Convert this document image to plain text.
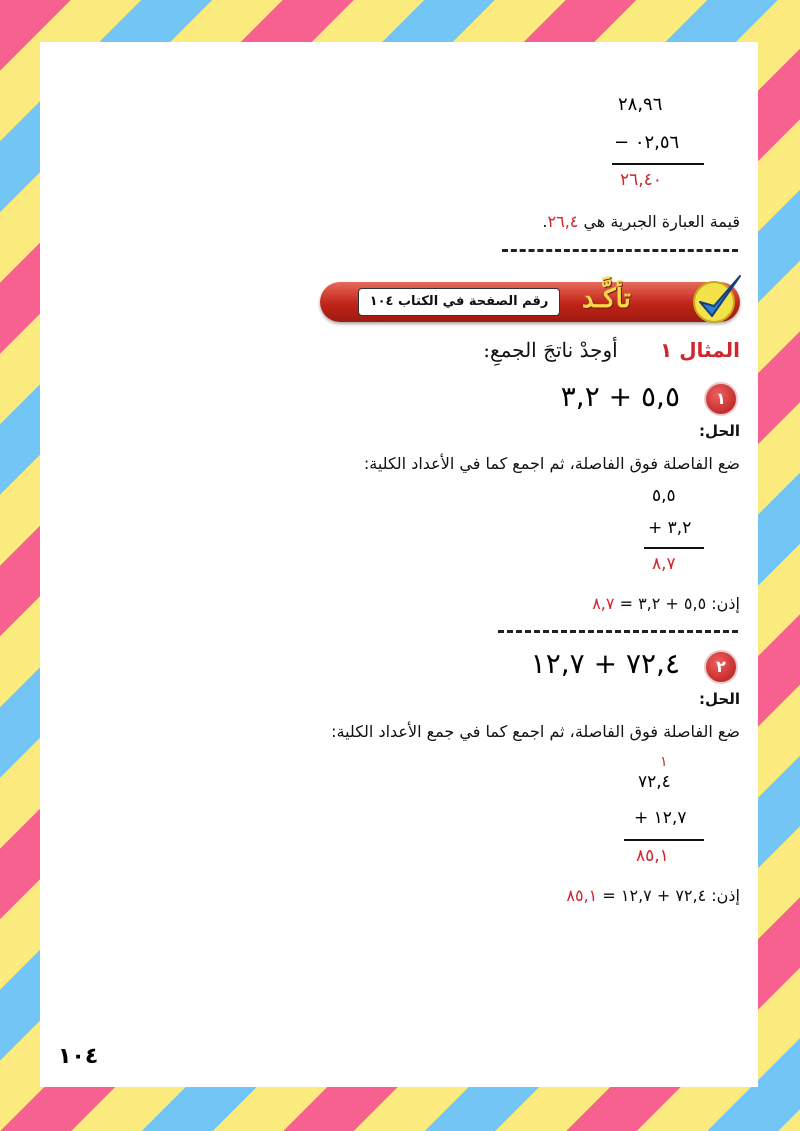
٢٨,٩٦
٠٢,٥٦ −
٢٦,٤٠
قيمة العبارة الجبرية هي ٢٦,٤.
رقم الصفحة في الكتاب ١٠٤	تأكَّـد
المثال ١ أوجدْ ناتجَ الجمعِ:
١
٥,٥ + ٣,٢
الحل:
ضع الفاصلة فوق الفاصلة، ثم اجمع كما في الأعداد الكلية:
٥,٥
٣,٢ +
٨,٧
إذن: ٥,٥ + ٣,٢ = ٨,٧
٢
٧٢,٤ + ١٢,٧
الحل:
ضع الفاصلة فوق الفاصلة، ثم اجمع كما في جمع الأعداد الكلية:
١
٧٢,٤
١٢,٧ +
٨٥,١
إذن: ٧٢,٤ + ١٢,٧ = ٨٥,١
١٠٤
